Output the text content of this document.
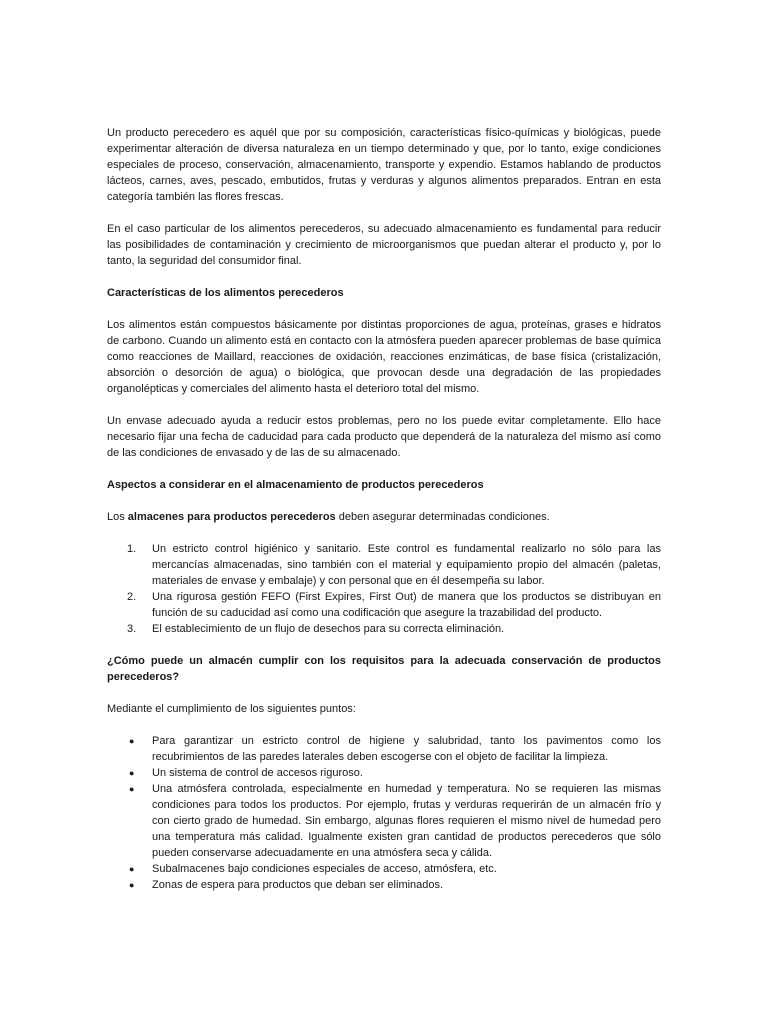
Un producto perecedero es aquél que por su composición, características físico-químicas y biológicas, puede experimentar alteración de diversa naturaleza en un tiempo determinado y que, por lo tanto, exige condiciones especiales de proceso, conservación, almacenamiento, transporte y expendio. Estamos hablando de productos lácteos, carnes, aves, pescado, embutidos, frutas y verduras y algunos alimentos preparados. Entran en esta categoría también las flores frescas.

En el caso particular de los alimentos perecederos, su adecuado almacenamiento es fundamental para reducir las posibilidades de contaminación y crecimiento de microorganismos que puedan alterar el producto y, por lo tanto, la seguridad del consumidor final.

Características de los alimentos perecederos

Los alimentos están compuestos básicamente por distintas proporciones de agua, proteínas, grases e hidratos de carbono. Cuando un alimento está en contacto con la atmósfera pueden aparecer problemas de base química como reacciones de Maillard, reacciones de oxidación, reacciones enzimáticas, de base física (cristalización, absorción o desorción de agua) o biológica, que provocan desde una degradación de las propiedades organolépticas y comerciales del alimento hasta el deterioro total del mismo.

Un envase adecuado ayuda a reducir estos problemas, pero no los puede evitar completamente. Ello hace necesario fijar una fecha de caducidad para cada producto que dependerá de la naturaleza del mismo así como de las condiciones de envasado y de las de su almacenado.

Aspectos a considerar en el almacenamiento de productos perecederos

Los almacenes para productos perecederos deben asegurar determinadas condiciones.

1. Un estricto control higiénico y sanitario. Este control es fundamental realizarlo no sólo para las mercancías almacenadas, sino también con el material y equipamiento propio del almacén (paletas, materiales de envase y embalaje) y con personal que en él desempeña su labor.
2. Una rigurosa gestión FEFO (First Expires, First Out) de manera que los productos se distribuyan en función de su caducidad así como una codificación que asegure la trazabilidad del producto.
3. El establecimiento de un flujo de desechos para su correcta eliminación.

¿Cómo puede un almacén cumplir con los requisitos para la adecuada conservación de productos perecederos?

Mediante el cumplimiento de los siguientes puntos:

● Para garantizar un estricto control de higiene y salubridad, tanto los pavimentos como los recubrimientos de las paredes laterales deben escogerse con el objeto de facilitar la limpieza.
● Un sistema de control de accesos riguroso.
● Una atmósfera controlada, especialmente en humedad y temperatura. No se requieren las mismas condiciones para todos los productos. Por ejemplo, frutas y verduras requerirán de un almacén frío y con cierto grado de humedad. Sin embargo, algunas flores requieren el mismo nivel de humedad pero una temperatura más calidad. Igualmente existen gran cantidad de productos perecederos que sólo pueden conservarse adecuadamente en una atmósfera seca y cálida.
● Subalmacenes bajo condiciones especiales de acceso, atmósfera, etc.
● Zonas de espera para productos que deban ser eliminados.
